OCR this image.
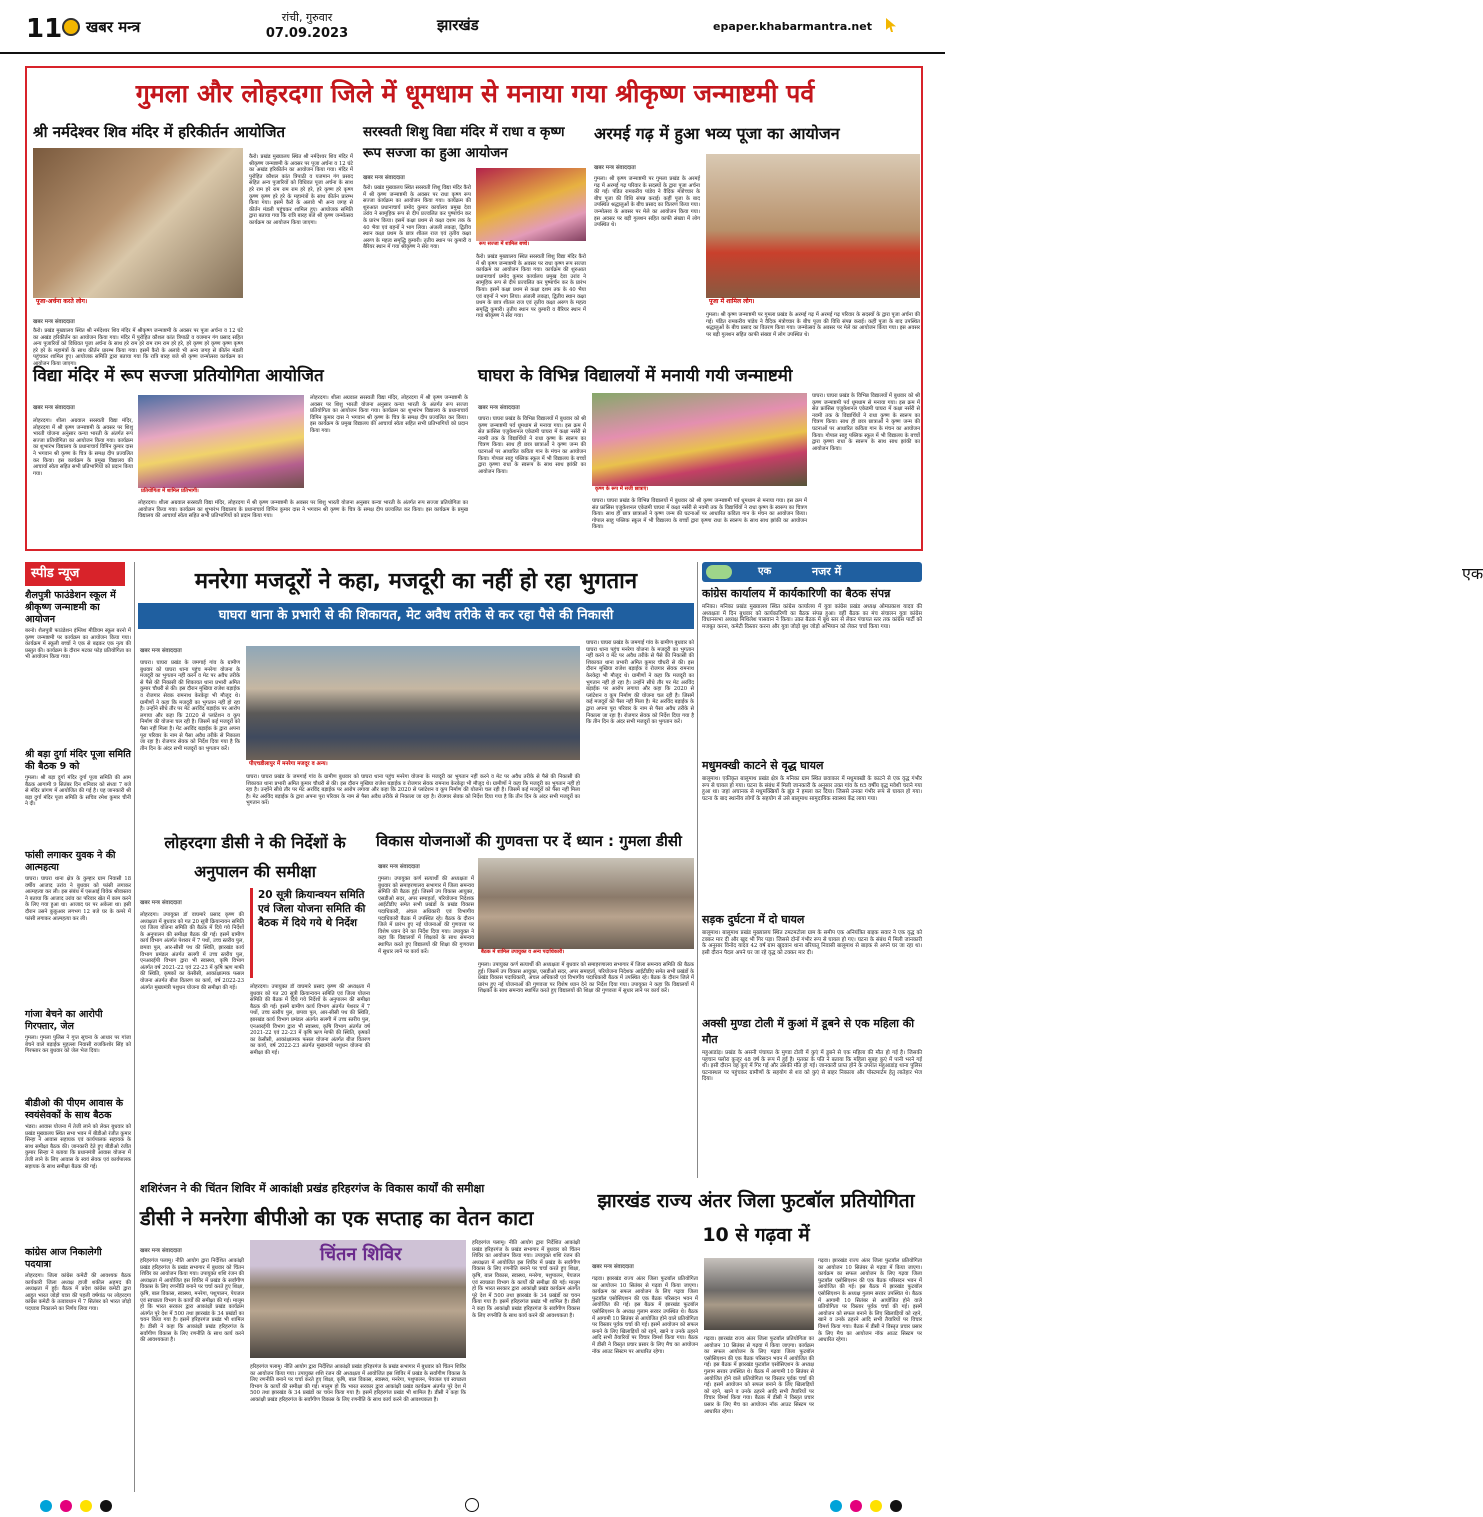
11 खबर मन्त्र
रांची, गुरुवार
07.09.2023	झारखंड	epaper.khabarmantra.net
गुमला और लोहरदगा जिले में धूमधाम से मनाया गया श्रीकृष्ण जन्माष्टमी पर्व
श्री नर्मदेश्वर शिव मंदिर में हरिकीर्तन आयोजित
पूजा-अर्चना करते लोग।
खबर मन्त्र संवाददाता
कैरो। प्रखंड मुख्यालय स्थित श्री नर्मदेश्वर शिव मंदिर में श्रीकृष्ण जन्माष्टमी के अवसर पर पूजा अर्चना व 12 घंटे का अखंड हरिकीर्तन का आयोजन किया गया। मंदिर में पुरोहित कौशल कांत त्रिपाठी व यजमान गंग प्रसाद सहित अन्य पुजारियों को विधिवत पूजा अर्चना के साथ हरे राम हरे राम राम राम हरे हरे, हरे कृष्ण हरे कृष्ण कृष्ण कृष्ण हरे हरे के महामंत्रों के साथ कीर्तन प्रारम्भ किया गया। इसमें कैरो के अलावे भी अन्य जगह से कीर्तन मंडली पहुंचकर शामिल हुए। आयोजक समिति द्वारा बताया गया कि रात्रि बारह बजे श्री कृष्ण जन्मोत्सव कार्यक्रम का आयोजन किया जाएगा।
कैरो। प्रखंड मुख्यालय स्थित श्री नर्मदेश्वर शिव मंदिर में श्रीकृष्ण जन्माष्टमी के अवसर पर पूजा अर्चना व 12 घंटे का अखंड हरिकीर्तन का आयोजन किया गया। मंदिर में पुरोहित कौशल कांत त्रिपाठी व यजमान गंग प्रसाद सहित अन्य पुजारियों को विधिवत पूजा अर्चना के साथ हरे राम हरे राम राम राम हरे हरे, हरे कृष्ण हरे कृष्ण कृष्ण कृष्ण हरे हरे के महामंत्रों के साथ कीर्तन प्रारम्भ किया गया। इसमें कैरो के अलावे भी अन्य जगह से कीर्तन मंडली पहुंचकर शामिल हुए। आयोजक समिति द्वारा बताया गया कि रात्रि बारह बजे श्री कृष्ण जन्मोत्सव कार्यक्रम का आयोजन किया जाएगा।
सरस्वती शिशु विद्या मंदिर में राधा व कृष्ण रूप सज्जा का हुआ आयोजन
खबर मन्त्र संवाददाता
कैरो। प्रखंड मुख्यालय स्थित सरस्वती शिशु विद्या मंदिर कैरो में श्री कृष्ण जन्माष्टमी के अवसर पर राधा कृष्ण रूप सज्जा कार्यक्रम का आयोजन किया गया। कार्यक्रम की शुरुआत प्रधानाचार्य प्रमोद कुमार कार्यालय प्रमुख देवा उरांव ने सामूहिक रूप से दीप प्रज्वलित कर पुष्पार्चन कर के प्रारंभ किया। इसमें कक्षा प्रथम से कक्षा दशम तक के 40 भैया एवं बहनों ने भाग लिया। अंजली लकड़ा, द्वितीय स्थान कक्षा प्रथम के छात्र शीतल राज एवं तृतीय कक्षा अरुण के महत्व समृद्धि कुमारी। तृतीय स्थान पर कुमारी व बैरियर स्थान में गया श्रीकृष्ण ने सेरा गया।
रूप सज्जा में शामिल बच्चे।
कैरो। प्रखंड मुख्यालय स्थित सरस्वती शिशु विद्या मंदिर कैरो में श्री कृष्ण जन्माष्टमी के अवसर पर राधा कृष्ण रूप सज्जा कार्यक्रम का आयोजन किया गया। कार्यक्रम की शुरुआत प्रधानाचार्य प्रमोद कुमार कार्यालय प्रमुख देवा उरांव ने सामूहिक रूप से दीप प्रज्वलित कर पुष्पार्चन कर के प्रारंभ किया। इसमें कक्षा प्रथम से कक्षा दशम तक के 40 भैया एवं बहनों ने भाग लिया। अंजली लकड़ा, द्वितीय स्थान कक्षा प्रथम के छात्र शीतल राज एवं तृतीय कक्षा अरुण के महत्व समृद्धि कुमारी। तृतीय स्थान पर कुमारी व बैरियर स्थान में गया श्रीकृष्ण ने सेरा गया।
अरमई गढ़ में हुआ भव्य पूजा का आयोजन
खबर मन्त्र संवाददाता
गुमला। श्री कृष्ण जन्माष्टमी पर गुमला प्रखंड के अरमई गढ़ में अरमई गढ़ परिवार के सदस्यों के द्वारा पूजा अर्चना की गई। पंडित रामकरीय पांडेय ने वैदिक मंत्रोच्चार के बीच पूजा की विधि संपन्न कराई। कहीं पूजा के बाद उपस्थित श्रद्धालुओं के बीच प्रसाद का वितरण किया गया। जन्मोत्सव के अवसर पर मेले का आयोजन किया गया। इस अवसर पर बड़ी गुलशन सहित काफी संख्या में लोग उपस्थित थे।
पूजा में शामिल लोग।
गुमला। श्री कृष्ण जन्माष्टमी पर गुमला प्रखंड के अरमई गढ़ में अरमई गढ़ परिवार के सदस्यों के द्वारा पूजा अर्चना की गई। पंडित रामकरीय पांडेय ने वैदिक मंत्रोच्चार के बीच पूजा की विधि संपन्न कराई। कहीं पूजा के बाद उपस्थित श्रद्धालुओं के बीच प्रसाद का वितरण किया गया। जन्मोत्सव के अवसर पर मेले का आयोजन किया गया। इस अवसर पर बड़ी गुलशन सहित काफी संख्या में लोग उपस्थित थे।
विद्या मंदिर में रूप सज्जा प्रतियोगिता आयोजित
खबर मन्त्र संवाददाता
लोहरदगा। शीला अग्रवाल सरस्वती विद्या मंदिर, लोहरदगा में श्री कृष्ण जन्माष्टमी के अवसर पर शिशु भारती योजना अनुसार कन्या भारती के अंतर्गत रूप सज्जा प्रतियोगिता का आयोजन किया गया। कार्यक्रम का शुभारंभ विद्यालय के प्रधानाचार्य विपिन कुमार दास ने भगवान श्री कृष्ण के चित्र के समक्ष दीप प्रज्वलित कर किया। इस कार्यक्रम के प्रमुख विद्यालय की आचार्या स्वेता सहित सभी प्रतिभागियों को प्रदान किया गया।
प्रतियोगिता में शामिल प्रतिभागी।
लोहरदगा। शीला अग्रवाल सरस्वती विद्या मंदिर, लोहरदगा में श्री कृष्ण जन्माष्टमी के अवसर पर शिशु भारती योजना अनुसार कन्या भारती के अंतर्गत रूप सज्जा प्रतियोगिता का आयोजन किया गया। कार्यक्रम का शुभारंभ विद्यालय के प्रधानाचार्य विपिन कुमार दास ने भगवान श्री कृष्ण के चित्र के समक्ष दीप प्रज्वलित कर किया। इस कार्यक्रम के प्रमुख विद्यालय की आचार्या स्वेता सहित सभी प्रतिभागियों को प्रदान किया गया।
लोहरदगा। शीला अग्रवाल सरस्वती विद्या मंदिर, लोहरदगा में श्री कृष्ण जन्माष्टमी के अवसर पर शिशु भारती योजना अनुसार कन्या भारती के अंतर्गत रूप सज्जा प्रतियोगिता का आयोजन किया गया। कार्यक्रम का शुभारंभ विद्यालय के प्रधानाचार्य विपिन कुमार दास ने भगवान श्री कृष्ण के चित्र के समक्ष दीप प्रज्वलित कर किया। इस कार्यक्रम के प्रमुख विद्यालय की आचार्या स्वेता सहित सभी प्रतिभागियों को प्रदान किया गया।
घाघरा के विभिन्न विद्यालयों में मनायी गयी जन्माष्टमी
खबर मन्त्र संवाददाता
घाघरा। घाघरा प्रखंड के विभिन्न विद्यालयों में बुधवार को श्री कृष्ण जन्माष्टमी पर्व धूमधाम से मनाया गया। इस क्रम में संत फ्रांसिस एजुकेशनल एकेडमी घाघरा में कक्षा नर्सरी से नवमी तक के विद्यार्थियों ने राधा कृष्ण के स्वरूप का चित्रण किया। साथ ही छात्र छात्राओं ने कृष्ण जन्म की घटनाओं पर आधारित कविता गान के मंचन का आयोजन किया। गोपाल साहू पब्लिक स्कूल में भी विद्यालय के बच्चों द्वारा कृष्णा राधा के स्वरूप के साथ साथ झांकी का आयोजन किया।
कृष्ण के रूप में सजी छात्राएं।
घाघरा। घाघरा प्रखंड के विभिन्न विद्यालयों में बुधवार को श्री कृष्ण जन्माष्टमी पर्व धूमधाम से मनाया गया। इस क्रम में संत फ्रांसिस एजुकेशनल एकेडमी घाघरा में कक्षा नर्सरी से नवमी तक के विद्यार्थियों ने राधा कृष्ण के स्वरूप का चित्रण किया। साथ ही छात्र छात्राओं ने कृष्ण जन्म की घटनाओं पर आधारित कविता गान के मंचन का आयोजन किया। गोपाल साहू पब्लिक स्कूल में भी विद्यालय के बच्चों द्वारा कृष्णा राधा के स्वरूप के साथ साथ झांकी का आयोजन किया।
घाघरा। घाघरा प्रखंड के विभिन्न विद्यालयों में बुधवार को श्री कृष्ण जन्माष्टमी पर्व धूमधाम से मनाया गया। इस क्रम में संत फ्रांसिस एजुकेशनल एकेडमी घाघरा में कक्षा नर्सरी से नवमी तक के विद्यार्थियों ने राधा कृष्ण के स्वरूप का चित्रण किया। साथ ही छात्र छात्राओं ने कृष्ण जन्म की घटनाओं पर आधारित कविता गान के मंचन का आयोजन किया। गोपाल साहू पब्लिक स्कूल में भी विद्यालय के बच्चों द्वारा कृष्णा राधा के स्वरूप के साथ साथ झांकी का आयोजन किया।
स्पीड न्यूज
शैलपुत्री फाउंडेशन स्कूल में श्रीकृष्ण जन्माष्टमी का आयोजन
बरनो। शैलपुत्री फाउंडेशन इंग्लिश मीडियम स्कूल बरनो में कृष्ण जन्माष्टमी पर कार्यक्रम का आयोजन किया गया। कार्यक्रम में स्कूली बच्चों ने एक से बढ़कर एक नृत्य की प्रस्तुत की। कार्यक्रम के दौरान मटका फोड़ प्रतियोगिता का भी आयोजन किया गया।
श्री बड़ा दुर्गा मंदिर पूजा समिति की बैठक 9 को
गुमला। श्री बड़ा दुर्गा मंदिर दुर्गा पूजा समिति की आम बैठक आगामी 9 सितंबर दिन शनिवार को संध्या 7 बजे से मंदिर प्रांगण में आयोजित की गई है। यह जानकारी श्री बड़ा दुर्गा मंदिर पूजा समिति के सचिव रमेश कुमार चीनी ने दी।
फांसी लगाकर युवक ने की आत्महत्या
घाघरा। घाघरा थाना क्षेत्र के कुम्हार ग्राम निवासी 18 वर्षीय आजाद उरांव ने बुधवार को फांसी लगाकर आत्महत्या कर ली। इस संबंध में एसआई विवेक श्रीवास्तव ने बताया कि आजाद उरांव का परिवार खेत में काम करने के लिए गया हुआ था। आजाद घर पर अकेला था। इसी दौरान उसने कुकुआर लगभग 12 बजे घर के कमरे में फांसी लगाकर आत्महत्या कर ली।
गांजा बेचने का आरोपी गिरफ्तार, जेल
गुमला। गुमला पुलिस ने गुप्त सूचना के आधार पर गांजा बेचने वाले बड़ाईक मुहल्ला निवासी राजकिशोर सिंह को गिरफ्तार कर बुधवार को जेल भेज दिया।
बीडीओ की पीएम आवास के स्वयंसेवकों के साथ बैठक
भंडरा। आवास योजना में तेजी लाने को लेकर बुधवार को प्रखंड मुख्यालय स्थित सभा भवन में बीडीओ रंजीत कुमार सिन्हा ने आवास सहायक एवं कार्यपालक सहायक के साथ समीक्षा बैठक की। जानकारी देते हुए बीडीओ रंजीत कुमार सिन्हा ने बताया कि प्रधानमंत्री आवास योजना में तेजी लाने के लिए आवास के स्वयं सेवक एवं कार्यपालक सहायक के साथ समीक्षा बैठक की गई।
कांग्रेस आज निकालेगी पदयात्रा
लोहरदगा। जिला कांग्रेस कमेटी की आवश्यक बैठक कार्यकारी जिला अध्यक्ष हाजी शकील अहमद की अध्यक्षता में हुई। बैठक में प्रदेश कांग्रेस कमेटी द्वारा आहूत भारत जोड़ो यात्रा की पहली वर्षगांठ पर लोहरदगा कांग्रेस कमेटी के तत्वावधान में 7 सितंबर को भारत जोड़ो पदयात्रा निकालने का निर्णय लिया गया।
मनरेगा मजदूरों ने कहा, मजदूरी का नहीं हो रहा भुगतान
घाघरा थाना के प्रभारी से की शिकायत, मेट अवैध तरीके से कर रहा पैसे की निकासी
खबर मन्त्र संवाददाता
घाघरा। घाघरा प्रखंड के जमगाई गांव के ग्रामीण बुधवार को घाघरा थाना पहुंच मनरेगा योजना के मजदूरी का भुगतान नहीं करने व मेट पर अवैध तरीके से पैसे की निकासी की शिकायत थाना प्रभारी अमित कुमार चौधरी से की। इस दौरान मुखिया राजेश बड़ाईक व रोजगार सेवक रामनाथ केरकेट्टा भी मौजूद थे। ग्रामीणों ने कहा कि मजदूरी का भुगतान नहीं हो रहा है। उन्होंने सीधे तौर पर मेट अरविंद बड़ाईक पर आरोप लगाया और कहा कि 2020 से प्लांटेशन व कूप निर्माण की योजना चल रही है। जिसमें कई मजदूरों को पैसा नहीं मिला है। मेट अरविंद बड़ाईक के द्वारा अपना पूरा परिवार के नाम से पैसा अवैध तरीके से निकाला जा रहा है। रोजगार सेवक को निर्देश दिया गया है कि तीन दिन के अंदर सभी मजदूरों का भुगतान करें।
पीएचडीलापुर में मनरेगा मजदूर व अन्य।
घाघरा। घाघरा प्रखंड के जमगाई गांव के ग्रामीण बुधवार को घाघरा थाना पहुंच मनरेगा योजना के मजदूरी का भुगतान नहीं करने व मेट पर अवैध तरीके से पैसे की निकासी की शिकायत थाना प्रभारी अमित कुमार चौधरी से की। इस दौरान मुखिया राजेश बड़ाईक व रोजगार सेवक रामनाथ केरकेट्टा भी मौजूद थे। ग्रामीणों ने कहा कि मजदूरी का भुगतान नहीं हो रहा है। उन्होंने सीधे तौर पर मेट अरविंद बड़ाईक पर आरोप लगाया और कहा कि 2020 से प्लांटेशन व कूप निर्माण की योजना चल रही है। जिसमें कई मजदूरों को पैसा नहीं मिला है। मेट अरविंद बड़ाईक के द्वारा अपना पूरा परिवार के नाम से पैसा अवैध तरीके से निकाला जा रहा है। रोजगार सेवक को निर्देश दिया गया है कि तीन दिन के अंदर सभी मजदूरों का भुगतान करें।
घाघरा। घाघरा प्रखंड के जमगाई गांव के ग्रामीण बुधवार को घाघरा थाना पहुंच मनरेगा योजना के मजदूरी का भुगतान नहीं करने व मेट पर अवैध तरीके से पैसे की निकासी की शिकायत थाना प्रभारी अमित कुमार चौधरी से की। इस दौरान मुखिया राजेश बड़ाईक व रोजगार सेवक रामनाथ केरकेट्टा भी मौजूद थे। ग्रामीणों ने कहा कि मजदूरी का भुगतान नहीं हो रहा है। उन्होंने सीधे तौर पर मेट अरविंद बड़ाईक पर आरोप लगाया और कहा कि 2020 से प्लांटेशन व कूप निर्माण की योजना चल रही है। जिसमें कई मजदूरों को पैसा नहीं मिला है। मेट अरविंद बड़ाईक के द्वारा अपना पूरा परिवार के नाम से पैसा अवैध तरीके से निकाला जा रहा है। रोजगार सेवक को निर्देश दिया गया है कि तीन दिन के अंदर सभी मजदूरों का भुगतान करें।
एक
एक	नजर में
कांग्रेस कार्यालय में कार्यकारिणी का बैठक संपन्न
मनिका। मनिका प्रखंड मुख्यालय स्थित कांग्रेस कार्यालय में युवा कांग्रेस प्रखंड अध्यक्ष ओमप्रकाश यादव की अध्यक्षता में दिन बुधवार को कार्यकारिणी का बैठक संपन्न हुआ। वहीं बैठक का मंच संचालन युवा कांग्रेस विधानसभा अध्यक्ष मिथिलेश पासवान ने किया। उक्त बैठक में बूथ स्तर से लेकर पंचायत स्तर तक कांग्रेस पार्टी को मजबूत करना, कमेटी विस्तार करना और युवा जोड़ो बूथ जोड़ो अभियान को लेकर चर्चा किया गया।
मधुमक्खी काटने से वृद्ध घायल
बालूमाथ। एकीकृत बालूमाथ प्रखंड क्षेत्र के मनिका ग्राम स्थित छवाकार में मधुमक्खी के काटने से एक वृद्ध गंभीर रूप से घायल हो गया। घटना के संबंध में मिली जानकारी के अनुसार उक्त गांव के 65 वर्षीय वृद्ध मवेशी चराने गया हुआ था। जहां अचानक से मधुमक्खियों के झुंड ने हमला कर दिया। जिससे उनका गंभीर रूप से घायल हो गया। घटना के बाद स्थानीय लोगों के सहयोग से उसे बालूमाथ सामुदायिक स्वास्थ्य केंद्र लाया गया।
सड़क दुर्घटना में दो घायल
बालूमाथ। बालूमाथ प्रखंड मुख्यालय स्थित टमटमटोला ग्राम के समीप एक अनियंत्रित बाइक सवार ने एक वृद्ध को टक्कर मार दी और खुद भी गिर पड़ा। जिससे दोनों गंभीर रूप से घायल हो गए। घटना के संबंध में मिली जानकारी के अनुसार विनोद यादव 42 वर्ष ग्राम खुदवान थाना बरियातू निवासी बालूमाथ से बाइक से अपने घर जा रहा था। इसी दौरान पैदल अपने घर जा रहे वृद्ध को टक्कर मार दी।
अक्सी मुण्डा टोली में कुआं में डूबने से एक महिला की मौत
महुआडांड़। प्रखंड के असनी पंचायत के मुण्डा टोली में कुएं में डूबने से एक महिला की मौत हो गई है। जिसकी पहचान फ्लोरा कुजूर 48 वर्ष के रूप में हुई है। मृतका के पति ने बताया कि महिला सुबह कुएं में पानी भरने गई थी। इसी दौरान वह कुएं में गिर गई और उसकी मौत हो गई। जानकारी प्राप्त होने के उपरांत महुआडांड़ थाना पुलिस घटनास्थल पर पहुंचकर ग्रामीणों के सहयोग से शव को कुएं से बाहर निकाला और पोस्टमार्टम हेतु लातेहार भेज दिया।
लोहरदगा डीसी ने की निर्देशों के अनुपालन की समीक्षा
खबर मन्त्र संवाददाता
लोहरदगा। उपायुक्त डॉ वाघमारे प्रसाद कृष्ण की अध्यक्षता में बुधवार को गत 20 सूत्री क्रियान्वयन समिति एवं जिला योजना समिति की बैठक में दिये गये निर्देशों के अनुपालन की समीक्षा बैठक की गई। इसमें ग्रामीण कार्य विभाग अंतर्गत पेशरार में 7 पथों, उच्च स्तरीय पुल, छपवा पुल, आर-सीसी पथ की स्थिति, झारखंड कार्य विभाग प्रमंडल अंतर्गत सलगी में उच्च स्तरीय पुल, एनआरईपी विभाग द्वारा भी स्वास्थ्य, कृषि विभाग अंतर्गत वर्ष 2021-22 एवं 22-23 में कृषि ऋण माफी की स्थिति, कृषकों का केसीसी, आकांक्षात्मक फसल योजना अंतर्गत बीज वितरण का कार्य, वर्ष 2022-23 अंतर्गत मुख्यमंत्री पशुधन योजना की समीक्षा की गई।
20 सूत्री क्रियान्वयन समिति एवं जिला योजना समिति की बैठक में दिये गये थे निर्देश
लोहरदगा। उपायुक्त डॉ वाघमारे प्रसाद कृष्ण की अध्यक्षता में बुधवार को गत 20 सूत्री क्रियान्वयन समिति एवं जिला योजना समिति की बैठक में दिये गये निर्देशों के अनुपालन की समीक्षा बैठक की गई। इसमें ग्रामीण कार्य विभाग अंतर्गत पेशरार में 7 पथों, उच्च स्तरीय पुल, छपवा पुल, आर-सीसी पथ की स्थिति, झारखंड कार्य विभाग प्रमंडल अंतर्गत सलगी में उच्च स्तरीय पुल, एनआरईपी विभाग द्वारा भी स्वास्थ्य, कृषि विभाग अंतर्गत वर्ष 2021-22 एवं 22-23 में कृषि ऋण माफी की स्थिति, कृषकों का केसीसी, आकांक्षात्मक फसल योजना अंतर्गत बीज वितरण का कार्य, वर्ष 2022-23 अंतर्गत मुख्यमंत्री पशुधन योजना की समीक्षा की गई।
विकास योजनाओं की गुणवत्ता पर दें ध्यान : गुमला डीसी
खबर मन्त्र संवाददाता
गुमला। उपायुक्त कर्ण सत्यार्थी की अध्यक्षता में बुधवार को समाहरणालय सभागार में जिला समन्वय समिति की बैठक हुई। जिसमें उप विकास आयुक्त, एसडीओ सदर, अपर समाहर्ता, परियोजना निदेशक आईटीडीए समेत सभी प्रखंडों के प्रखंड विकास पदाधिकारी, अंचल अधिकारी एवं विभागीय पदाधिकारी बैठक में उपस्थित रहे। बैठक के दौरान जिले में प्रारंभ हुए नई योजनाओं की गुणवत्ता पर विशेष ध्यान देने का निर्देश दिया गया। उपायुक्त ने कहा कि विद्यालयों में शिक्षकों के साथ समन्वय स्थापित करते हुए विद्यालयों की शिक्षा की गुणवत्ता में सुधार लाने पर कार्य करें।	बैठक में शामिल उपायुक्त व अन्य पदाधिकारी।
गुमला। उपायुक्त कर्ण सत्यार्थी की अध्यक्षता में बुधवार को समाहरणालय सभागार में जिला समन्वय समिति की बैठक हुई। जिसमें उप विकास आयुक्त, एसडीओ सदर, अपर समाहर्ता, परियोजना निदेशक आईटीडीए समेत सभी प्रखंडों के प्रखंड विकास पदाधिकारी, अंचल अधिकारी एवं विभागीय पदाधिकारी बैठक में उपस्थित रहे। बैठक के दौरान जिले में प्रारंभ हुए नई योजनाओं की गुणवत्ता पर विशेष ध्यान देने का निर्देश दिया गया। उपायुक्त ने कहा कि विद्यालयों में शिक्षकों के साथ समन्वय स्थापित करते हुए विद्यालयों की शिक्षा की गुणवत्ता में सुधार लाने पर कार्य करें।
शशिरंजन ने की चिंतन शिविर में आकांक्षी प्रखंड हरिहरगंज के विकास कार्यों की समीक्षा
डीसी ने मनरेगा बीपीओ का एक सप्ताह का वेतन काटा
खबर मन्त्र संवाददाता
हरिहरगंज पलामू। नीति आयोग द्वारा निर्देशित आकांक्षी प्रखंड हरिहरगंज के प्रखंड सभागार में बुधवार को चिंतन शिविर का आयोजन किया गया। उपायुक्त शशि रंजन की अध्यक्षता में आयोजित इस शिविर में प्रखंड के सर्वांगीण विकास के लिए रणनीति बनाने पर चर्चा करते हुए शिक्षा, कृषि, बाल विकास, स्वास्थ्य, मनरेगा, पशुपालन, पेयजल एवं स्वच्छता विभाग के कार्यों की समीक्षा की गई। मालूम हो कि भारत सरकार द्वारा आकांक्षी प्रखंड कार्यक्रम अंतर्गत पूरे देश में 500 तथा झारखंड के 34 प्रखंडों का चयन किया गया है। इसमें हरिहरगंज प्रखंड भी शामिल है। डीसी ने कहा कि आकांक्षी प्रखंड हरिहरगंज के सर्वांगीण विकास के लिए रणनीति के साथ कार्य करने की आवश्यकता है।
चिंतन शिविर
हरिहरगंज पलामू। नीति आयोग द्वारा निर्देशित आकांक्षी प्रखंड हरिहरगंज के प्रखंड सभागार में बुधवार को चिंतन शिविर का आयोजन किया गया। उपायुक्त शशि रंजन की अध्यक्षता में आयोजित इस शिविर में प्रखंड के सर्वांगीण विकास के लिए रणनीति बनाने पर चर्चा करते हुए शिक्षा, कृषि, बाल विकास, स्वास्थ्य, मनरेगा, पशुपालन, पेयजल एवं स्वच्छता विभाग के कार्यों की समीक्षा की गई। मालूम हो कि भारत सरकार द्वारा आकांक्षी प्रखंड कार्यक्रम अंतर्गत पूरे देश में 500 तथा झारखंड के 34 प्रखंडों का चयन किया गया है। इसमें हरिहरगंज प्रखंड भी शामिल है। डीसी ने कहा कि आकांक्षी प्रखंड हरिहरगंज के सर्वांगीण विकास के लिए रणनीति के साथ कार्य करने की आवश्यकता है।
हरिहरगंज पलामू। नीति आयोग द्वारा निर्देशित आकांक्षी प्रखंड हरिहरगंज के प्रखंड सभागार में बुधवार को चिंतन शिविर का आयोजन किया गया। उपायुक्त शशि रंजन की अध्यक्षता में आयोजित इस शिविर में प्रखंड के सर्वांगीण विकास के लिए रणनीति बनाने पर चर्चा करते हुए शिक्षा, कृषि, बाल विकास, स्वास्थ्य, मनरेगा, पशुपालन, पेयजल एवं स्वच्छता विभाग के कार्यों की समीक्षा की गई। मालूम हो कि भारत सरकार द्वारा आकांक्षी प्रखंड कार्यक्रम अंतर्गत पूरे देश में 500 तथा झारखंड के 34 प्रखंडों का चयन किया गया है। इसमें हरिहरगंज प्रखंड भी शामिल है। डीसी ने कहा कि आकांक्षी प्रखंड हरिहरगंज के सर्वांगीण विकास के लिए रणनीति के साथ कार्य करने की आवश्यकता है।
झारखंड राज्य अंतर जिला फुटबॉल प्रतियोगिता 10 से गढ़वा में
खबर मन्त्र संवाददाता
गढ़वा। झारखंड राज्य अंतर जिला फुटबॉल प्रतियोगिता का आयोजन 10 सितंबर से गढ़वा में किया जाएगा। कार्यक्रम का सफल आयोजन के लिए गढ़वा जिला फुटबॉल एसोसिएशन की एक बैठक परिसदन भवन में आयोजित की गई। इस बैठक में झारखंड फुटबॉल एसोसिएशन के अध्यक्ष गुलाम सरवर उपस्थित थे। बैठक में आगामी 10 सितंबर से आयोजित होने वाले प्रतियोगिता पर विस्तार पूर्वक चर्चा की गई। इसमें आयोजन को सफल बनाने के लिए खिलाड़ियों को रहने, खाने व उनके ठहरने आदि सभी तैयारियों पर विचार विमर्श किया गया। बैठक में डीसी ने विस्तृत प्रचार प्रसार के लिए मैच का आयोजन नॉक आउट सिस्टम पर आधारित रहेगा।
गढ़वा। झारखंड राज्य अंतर जिला फुटबॉल प्रतियोगिता का आयोजन 10 सितंबर से गढ़वा में किया जाएगा। कार्यक्रम का सफल आयोजन के लिए गढ़वा जिला फुटबॉल एसोसिएशन की एक बैठक परिसदन भवन में आयोजित की गई। इस बैठक में झारखंड फुटबॉल एसोसिएशन के अध्यक्ष गुलाम सरवर उपस्थित थे। बैठक में आगामी 10 सितंबर से आयोजित होने वाले प्रतियोगिता पर विस्तार पूर्वक चर्चा की गई। इसमें आयोजन को सफल बनाने के लिए खिलाड़ियों को रहने, खाने व उनके ठहरने आदि सभी तैयारियों पर विचार विमर्श किया गया। बैठक में डीसी ने विस्तृत प्रचार प्रसार के लिए मैच का आयोजन नॉक आउट सिस्टम पर आधारित रहेगा।
गढ़वा। झारखंड राज्य अंतर जिला फुटबॉल प्रतियोगिता का आयोजन 10 सितंबर से गढ़वा में किया जाएगा। कार्यक्रम का सफल आयोजन के लिए गढ़वा जिला फुटबॉल एसोसिएशन की एक बैठक परिसदन भवन में आयोजित की गई। इस बैठक में झारखंड फुटबॉल एसोसिएशन के अध्यक्ष गुलाम सरवर उपस्थित थे। बैठक में आगामी 10 सितंबर से आयोजित होने वाले प्रतियोगिता पर विस्तार पूर्वक चर्चा की गई। इसमें आयोजन को सफल बनाने के लिए खिलाड़ियों को रहने, खाने व उनके ठहरने आदि सभी तैयारियों पर विचार विमर्श किया गया। बैठक में डीसी ने विस्तृत प्रचार प्रसार के लिए मैच का आयोजन नॉक आउट सिस्टम पर आधारित रहेगा।
